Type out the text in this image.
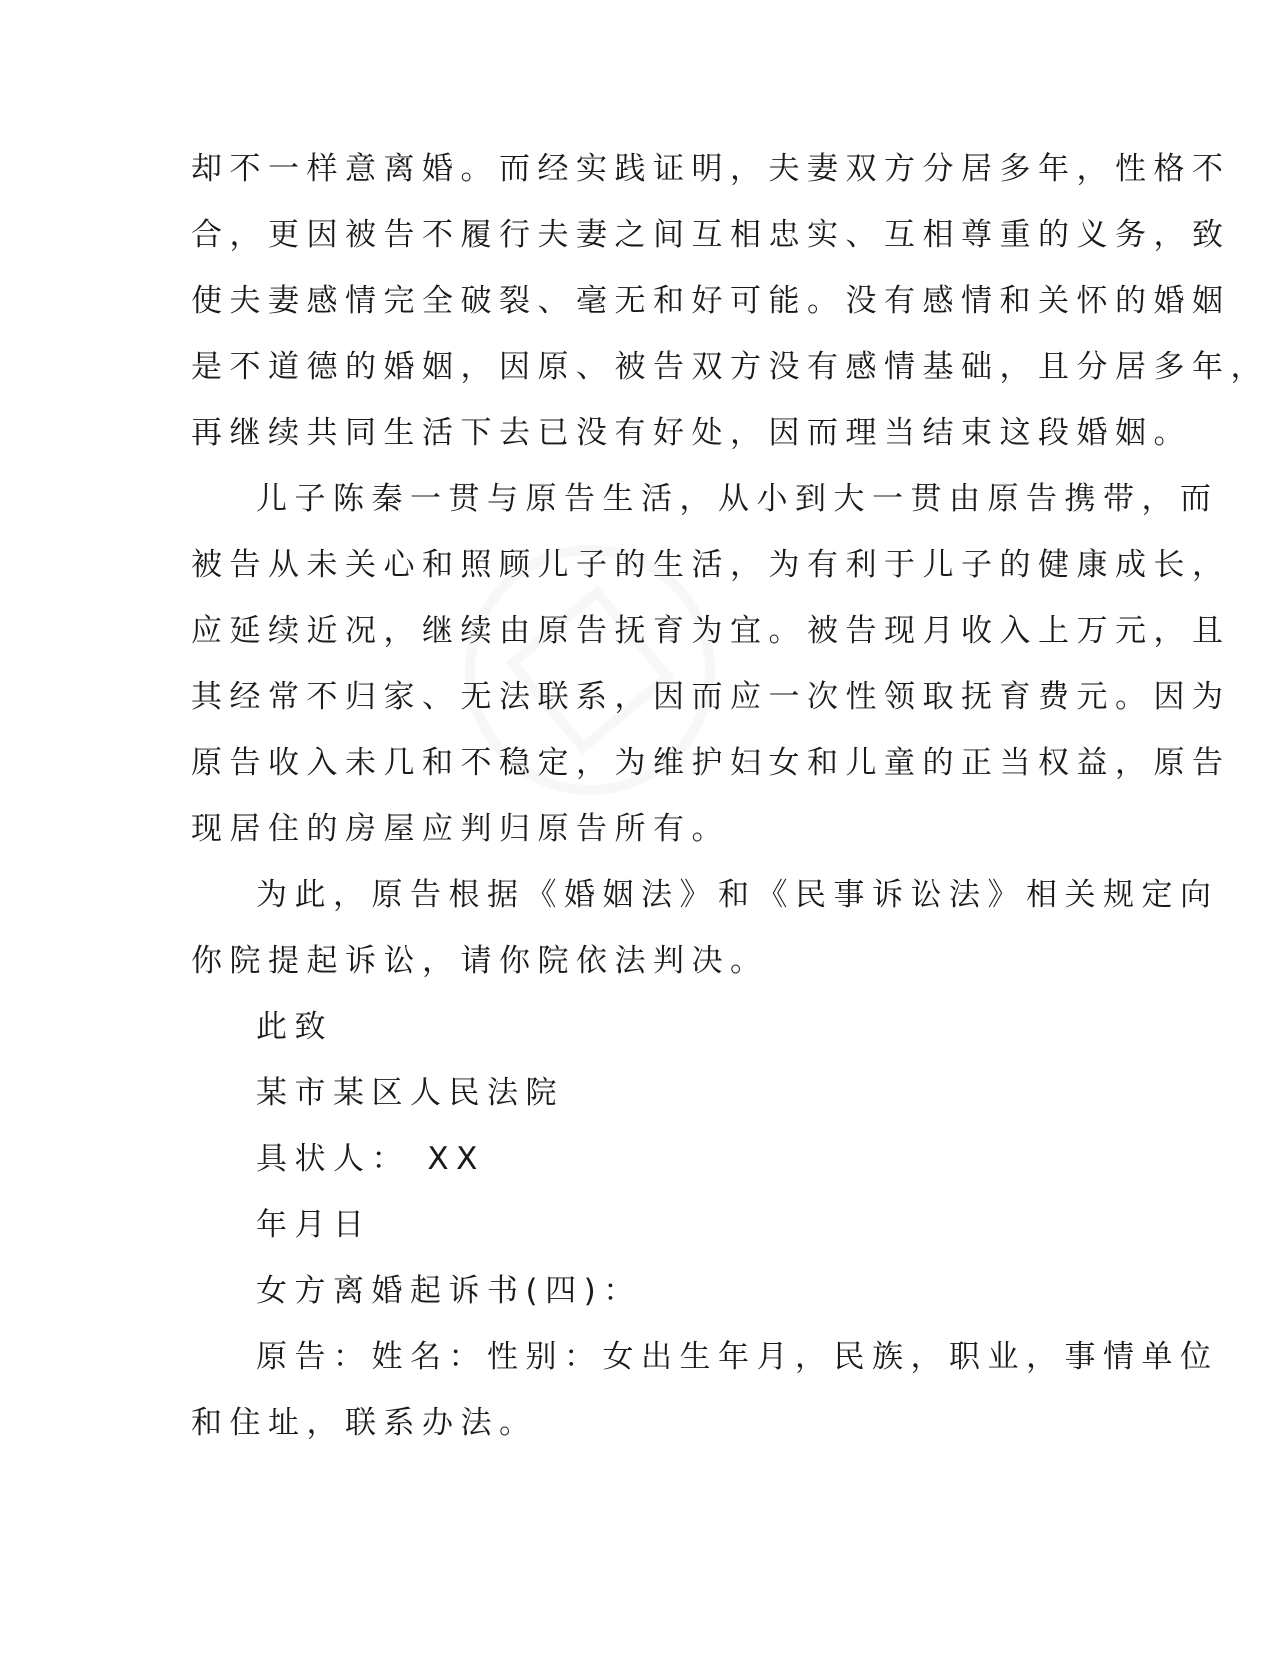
却不一样意离婚。而经实践证明，夫妻双方分居多年，性格不
合，更因被告不履行夫妻之间互相忠实、互相尊重的义务，致
使夫妻感情完全破裂、毫无和好可能。没有感情和关怀的婚姻
是不道德的婚姻，因原、被告双方没有感情基础，且分居多年，
再继续共同生活下去已没有好处，因而理当结束这段婚姻。
儿子陈秦一贯与原告生活，从小到大一贯由原告携带，而
被告从未关心和照顾儿子的生活，为有利于儿子的健康成长，
应延续近况，继续由原告抚育为宜。被告现月收入上万元，且
其经常不归家、无法联系，因而应一次性领取抚育费元。因为
原告收入未几和不稳定，为维护妇女和儿童的正当权益，原告
现居住的房屋应判归原告所有。
为此，原告根据《婚姻法》和《民事诉讼法》相关规定向
你院提起诉讼，请你院依法判决。
此致
某市某区人民法院
具状人： XX
年月日
女方离婚起诉书(四)：
原告：姓名：性别：女出生年月，民族，职业，事情单位
和住址，联系办法。
